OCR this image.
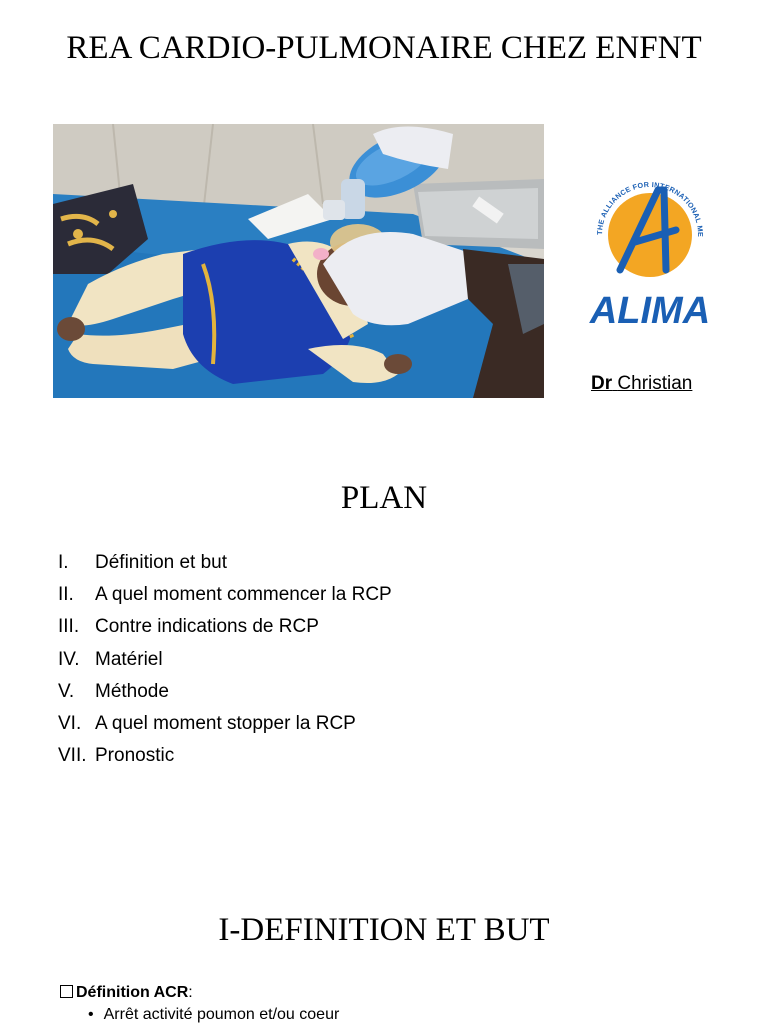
REA CARDIO-PULMONAIRE CHEZ ENFNT
THE ALLIANCE FOR INTERNATIONAL ME
ALIMA
Dr Christian
PLAN
I.	Définition et but
II.	A quel moment commencer la RCP
III. Contre indications de RCP
IV. Matériel
V.	Méthode
VI. A quel moment stopper la RCP
VII. Pronostic
I-DEFINITION ET BUT
Définition ACR:
• Arrêt activité poumon et/ou coeur
